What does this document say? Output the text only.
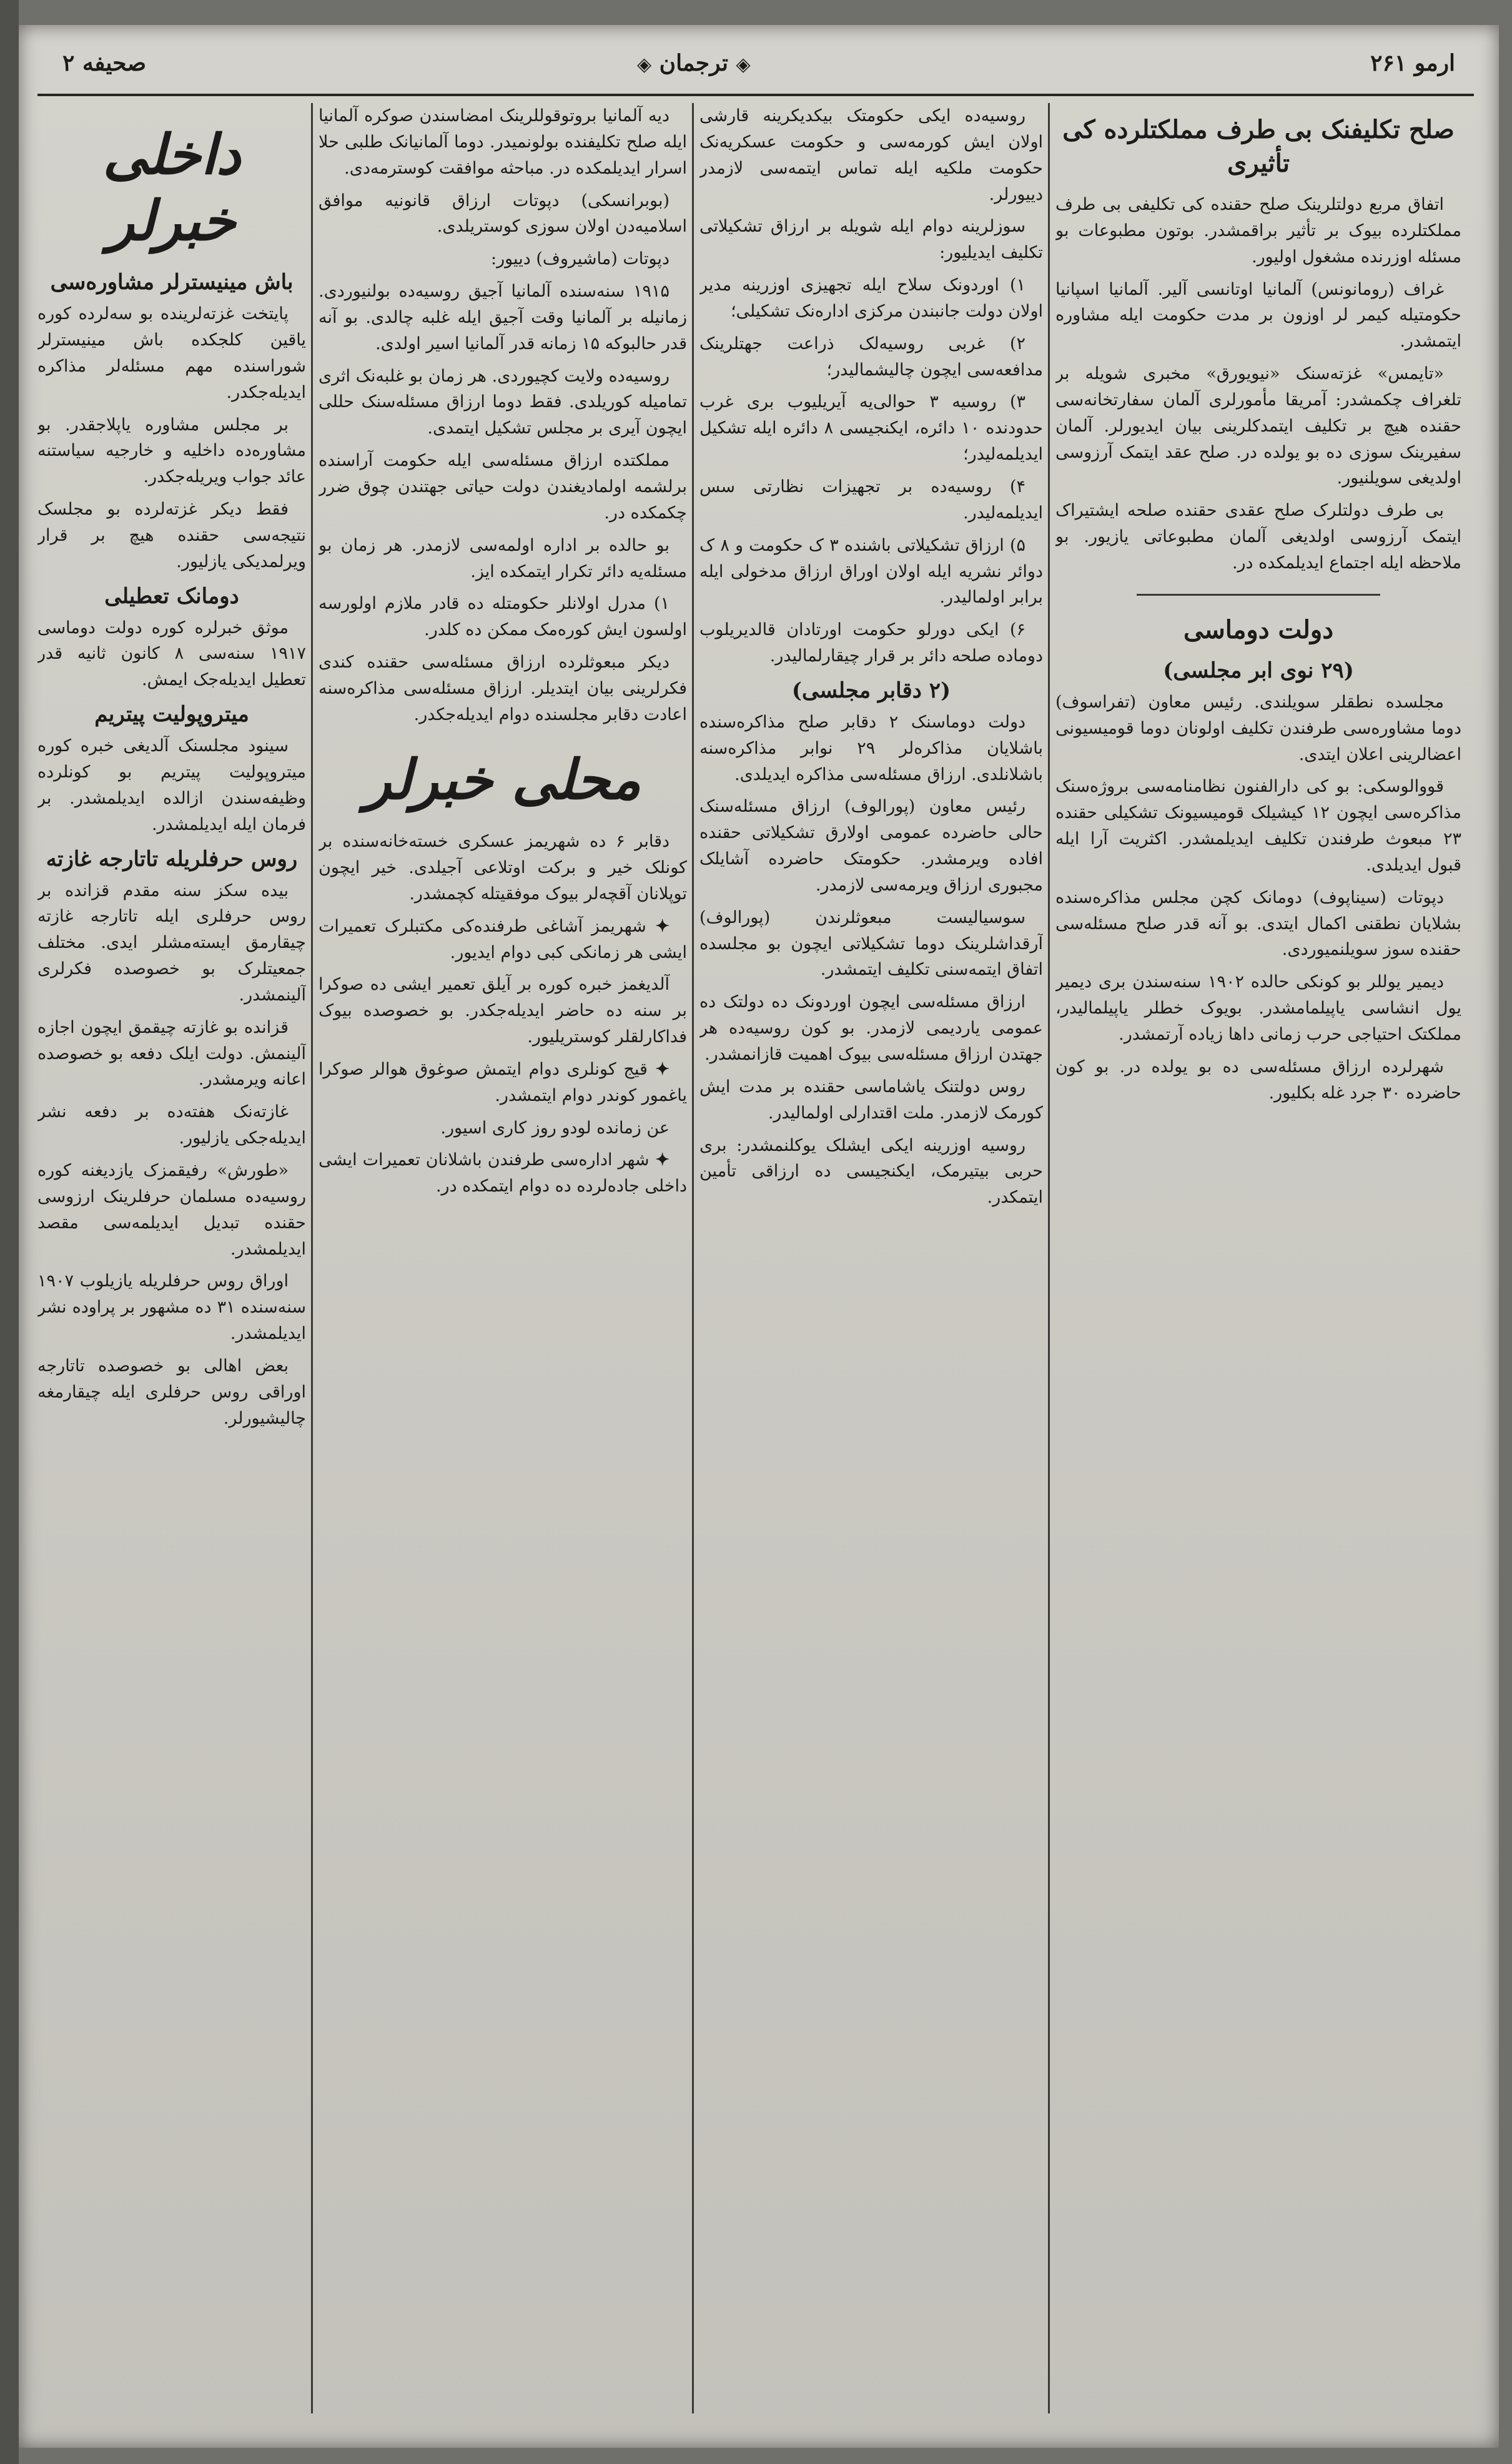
ارمو ۲۶۱
◈ ترجمان ◈
صحیفه ۲
صلح تکلیفنک بی طرف مملکتلرده کی تأثیری

اتفاق مربع دولتلرینک صلح حقنده کی تکلیفی بی طرف مملکتلرده بیوک بر تأثیر براقمشدر. بوتون مطبوعات بو مسئله اوزرنده مشغول اولیور.

غراف (رومانونس) آلمانیا اوتانسی آلیر. آلمانیا اسپانیا حکومتیله کیمر لر اوزون بر مدت حکومت ایله مشاوره ایتمشدر.

«تایمس» غزته‌سنک «نیویورق» مخبری شویله بر تلغراف چکمشدر: آمریقا مأمورلری آلمان سفارتخانه‌سی حقنده هیچ بر تکلیف ایتمدکلرینی بیان ایدیورلر. آلمان سفیرینک سوزی ده بو یولده در. صلح عقد ایتمک آرزوسی اولدیغی سویلنیور.

بی طرف دولتلرک صلح عقدی حقنده صلحه ایشتیراک ایتمک آرزوسی اولدیغی آلمان مطبوعاتی یازیور. بو ملاحظه ایله اجتماع ایدیلمکده در.

دولت دوماسی
(۲۹ نوی ابر مجلسی)

مجلسده نطقلر سویلندی. رئیس معاون (تفراسوف) دوما مشاوره‌سی طرفندن تکلیف اولونان دوما قومیسیونی اعضالرینی اعلان ایتدی.

قووالوسکی: بو کی دارالفنون نظامنامه‌سی بروژه‌سنک مذاکره‌سی ایچون ۱۲ کیشیلک قومیسیونک تشکیلی حقنده ۲۳ مبعوث طرفندن تکلیف ایدیلمشدر. اکثریت آرا ایله قبول ایدیلدی.

دپوتات (سیناپوف) دومانک کچن مجلس مذاکره‌سنده بشلایان نطقنی اکمال ایتدی. بو آنه قدر صلح مسئله‌سی حقنده سوز سویلنمیوردی.

دیمیر یوللر بو کونکی حالده ۱۹۰۲ سنه‌سندن بری دیمیر یول انشاسی یاپیلمامشدر. بویوک خطلر یاپیلمالیدر، مملکتک احتیاجی حرب زمانی داها زیاده آرتمشدر.

شهرلرده ارزاق مسئله‌سی ده بو یولده در. بو کون حاضرده ۳۰ جرد غله بکلیور.

روسیه‌ده ایکی حکومتک بیکدیکرینه قارشی اولان ایش کورمه‌سی و حکومت عسکریه‌نک حکومت ملکیه ایله تماس ایتمه‌سی لازمدر دییورلر.

سوزلرینه دوام ایله شویله بر ارزاق تشکیلاتی تکلیف ایدیلیور:

۱) اوردونک سلاح ایله تجهیزی اوزرینه مدیر اولان دولت جانبندن مرکزی اداره‌نک تشکیلی؛

۲) غربی روسیه‌لک ذراعت جهتلرینک مدافعه‌سی ایچون چالیشمالیدر؛

۳) روسیه ۳ حوالی‌یه آیریلیوب بری غرب حدودنده ۱۰ دائره، ایکنجیسی ۸ دائره ایله تشکیل ایدیلمه‌لیدر؛

۴) روسیه‌ده بر تجهیزات نظارتی سس ایدیلمه‌لیدر.

۵) ارزاق تشکیلاتی باشنده ۳ ک حکومت و ۸ ک دوائر نشریه ایله اولان اوراق ارزاق مدخولی ایله برابر اولمالیدر.

۶) ایکی دورلو حکومت اورتادان قالدیریلوب دوماده صلحه دائر بر قرار چیقارلمالیدر.

(۲ دقابر مجلسی)

دولت دوماسنک ۲ دقابر صلح مذاکره‌سنده باشلایان مذاکره‌لر ۲۹ نوابر مذاکره‌سنه باشلانلدی. ارزاق مسئله‌سی مذاکره ایدیلدی.

رئیس معاون (پورالوف) ارزاق مسئله‌سنک حالی حاضرده عمومی اولارق تشکیلاتی حقنده افاده ویرمشدر. حکومتک حاضرده آشایلک مجبوری ارزاق ویرمه‌سی لازمدر.

سوسیالیست مبعوثلرندن (پورالوف) آرقداشلرینک دوما تشکیلاتی ایچون بو مجلسده اتفاق ایتمه‌سنی تکلیف ایتمشدر.

ارزاق مسئله‌سی ایچون اوردونک ده دولتک ده عمومی یاردیمی لازمدر. بو کون روسیه‌ده هر جهتدن ارزاق مسئله‌سی بیوک اهمیت قازانمشدر.

روس دولتنک یاشاماسی حقنده بر مدت ایش کورمک لازمدر. ملت اقتدارلی اولمالیدر.

روسیه اوزرینه ایکی ایشلک یوکلنمشدر: بری حربی بیتیرمک، ایکنجیسی ده ارزاقی تأمین ایتمکدر.

دیه آلمانیا بروتوقوللرینک امضاسندن صوکره آلمانیا ایله صلح تکلیفنده بولونمیدر. دوما آلمانیانک طلبی حلا اسرار ایدیلمکده در. مباحثه موافقت کوسترمه‌دی.

(بوبرانسکی) دپوتات ارزاق قانونیه موافق اسلامیه‌دن اولان سوزی کوستریلدی.

دپوتات (ماشیروف) دییور:

۱۹۱۵ سنه‌سنده آلمانیا آجیق روسیه‌ده بولنیوردی. زمانیله بر آلمانیا وقت آجیق ایله غلبه چالدی. بو آنه قدر حالبوکه ۱۵ زمانه قدر آلمانیا اسیر اولدی.

روسیه‌ده ولایت کچیوردی. هر زمان بو غلبه‌نک اثری تمامیله کوریلدی. فقط دوما ارزاق مسئله‌سنک حللی ایچون آیری بر مجلس تشکیل ایتمدی.

مملکتده ارزاق مسئله‌سی ایله حکومت آراسنده برلشمه اولمادیغندن دولت حیاتی جهتندن چوق ضرر چکمکده در.

بو حالده بر اداره اولمه‌سی لازمدر. هر زمان بو مسئله‌یه دائر تکرار ایتمکده ایز.

۱) مدرل اولانلر حکومتله ده قادر ملازم اولورسه اولسون ایش کوره‌مک ممکن ده کلدر.

دیکر مبعوثلرده ارزاق مسئله‌سی حقنده کندی فکرلرینی بیان ایتدیلر. ارزاق مسئله‌سی مذاکره‌سنه اعادت دقابر مجلسنده دوام ایدیله‌جکدر.

محلی خبرلر

دقابر ۶ ده شهریمز عسکری خسته‌خانه‌سنده بر کونلک خیر و برکت اوتلاعی آجیلدی. خیر ایچون توپلانان آقچه‌لر بیوک موفقیتله کچمشدر.

✦ شهریمز آشاغی طرفنده‌کی مکتبلرک تعمیرات ایشی هر زمانکی کبی دوام ایدیور.

آلدیغمز خبره کوره بر آیلق تعمیر ایشی ده صوکرا بر سنه ده حاضر ایدیله‌جکدر. بو خصوصده بیوک فداکارلقلر کوستریلیور.

✦ قیج کونلری دوام ایتمش صوغوق هوالر صوکرا یاغمور کوندر دوام ایتمشدر.

عن زمانده لودو روز کاری اسیور.

✦ شهر اداره‌سی طرفندن باشلانان تعمیرات ایشی داخلی جاده‌لرده ده دوام ایتمکده در.

داخلی خبرلر
باش مینیسترلر مشاوره‌سی

پایتخت غزته‌لرینده بو سه‌لرده کوره یاقین کلجکده باش مینیسترلر شوراسنده مهم مسئله‌لر مذاکره ایدیله‌جکدر.

بر مجلس مشاوره یاپلاجقدر. بو مشاوره‌ده داخلیه و خارجیه سیاستنه عائد جواب ویریله‌جکدر.

فقط دیکر غزته‌لرده بو مجلسک نتیجه‌سی حقنده هیچ بر قرار ویرلمدیکی یازلیور.

دومانک تعطیلی

موثق خبرلره کوره دولت دوماسی ۱۹۱۷ سنه‌سی ۸ کانون ثانیه قدر تعطیل ایدیله‌جک ایمش.

میتروپولیت پیتریم

سینود مجلسنک آلدیغی خبره کوره میتروپولیت پیتریم بو کونلرده وظیفه‌سندن ازالده ایدیلمشدر. بر فرمان ایله ایدیلمشدر.

روس حرفلریله تاتارجه غازته

بیده سکز سنه مقدم قزانده بر روس حرفلری ایله تاتارجه غازته چیقارمق ایسته‌مشلر ایدی. مختلف جمعیتلرک بو خصوصده فکرلری آلینمشدر.

قزانده بو غازته چیقمق ایچون اجازه آلینمش. دولت ایلک دفعه بو خصوصده اعانه ویرمشدر.

غازته‌نک هفته‌ده بر دفعه نشر ایدیله‌جکی یازلیور.

«طورش» رفیقمزک یازدیغنه کوره روسیه‌ده مسلمان حرفلرینک ارزوسی حقنده تبدیل ایدیلمه‌سی مقصد ایدیلمشدر.

اوراق روس حرفلریله یازیلوب ۱۹۰۷ سنه‌سنده ۳۱ ده مشهور بر پراوده نشر ایدیلمشدر.

بعض اهالی بو خصوصده تاتارجه اوراقی روس حرفلری ایله چیقارمغه چالیشیورلر.
